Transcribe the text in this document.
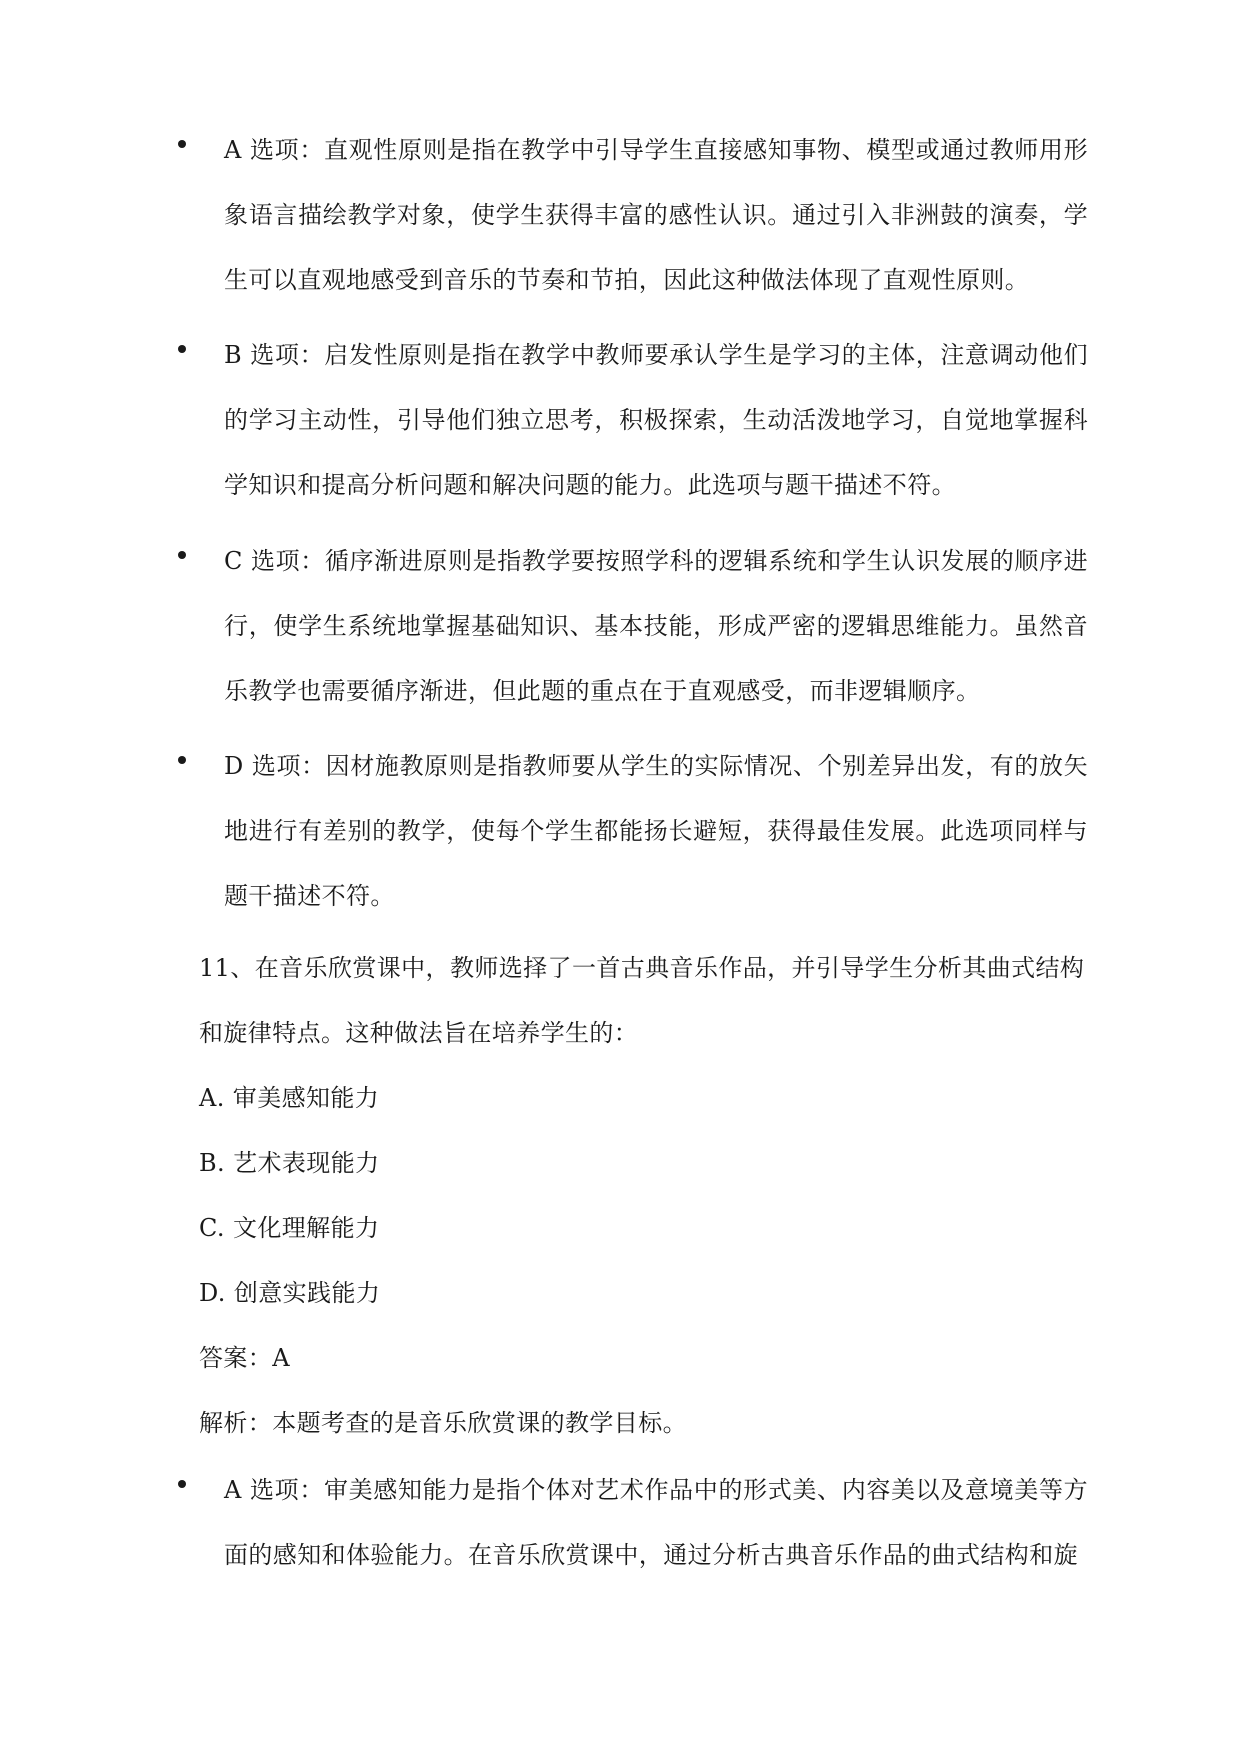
A 选项：直观性原则是指在教学中引导学生直接感知事物、模型或通过教师用形象语言描绘教学对象，使学生获得丰富的感性认识。通过引入非洲鼓的演奏，学生可以直观地感受到音乐的节奏和节拍，因此这种做法体现了直观性原则。
B 选项：启发性原则是指在教学中教师要承认学生是学习的主体，注意调动他们的学习主动性，引导他们独立思考，积极探索，生动活泼地学习，自觉地掌握科学知识和提高分析问题和解决问题的能力。此选项与题干描述不符。
C 选项：循序渐进原则是指教学要按照学科的逻辑系统和学生认识发展的顺序进行，使学生系统地掌握基础知识、基本技能，形成严密的逻辑思维能力。虽然音乐教学也需要循序渐进，但此题的重点在于直观感受，而非逻辑顺序。
D 选项：因材施教原则是指教师要从学生的实际情况、个别差异出发，有的放矢地进行有差别的教学，使每个学生都能扬长避短，获得最佳发展。此选项同样与题干描述不符。
11、在音乐欣赏课中，教师选择了一首古典音乐作品，并引导学生分析其曲式结构和旋律特点。这种做法旨在培养学生的：
A. 审美感知能力
B. 艺术表现能力
C. 文化理解能力
D. 创意实践能力
答案：A
解析：本题考查的是音乐欣赏课的教学目标。
A 选项：审美感知能力是指个体对艺术作品中的形式美、内容美以及意境美等方面的感知和体验能力。在音乐欣赏课中，通过分析古典音乐作品的曲式结构和旋
